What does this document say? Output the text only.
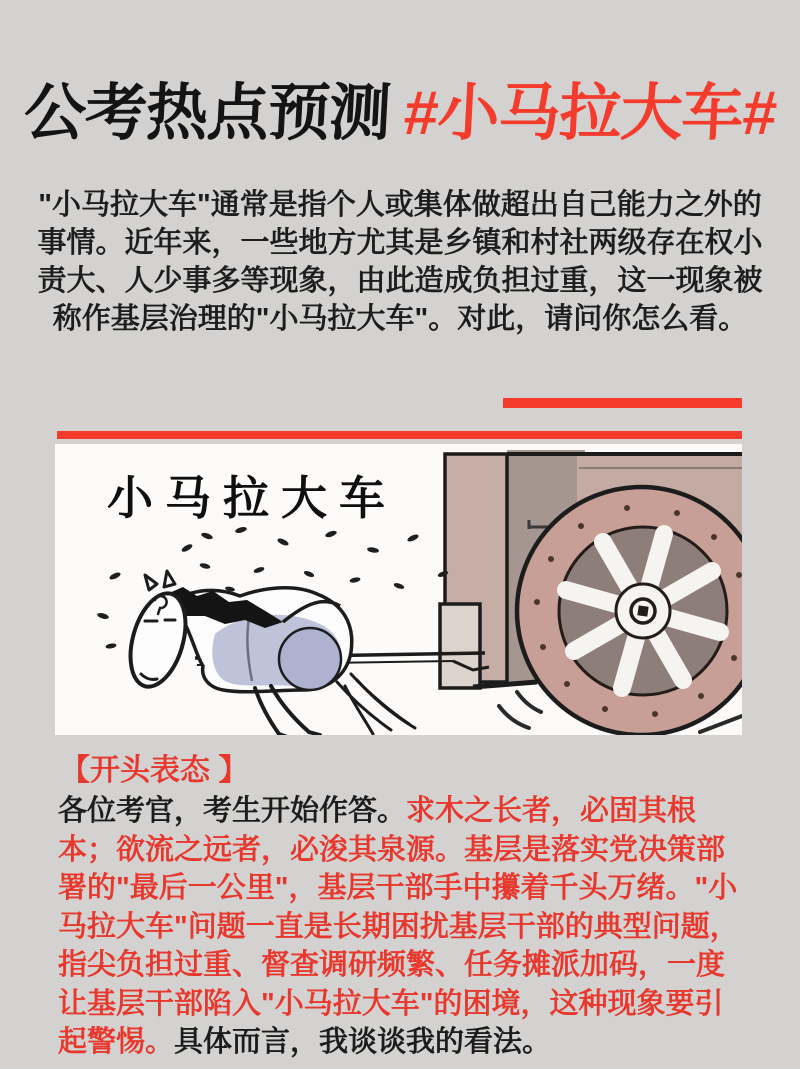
公考热点预测 #小马拉大车#
"小马拉大车"通常是指个人或集体做超出自己能力之外的事情。近年来，一些地方尤其是乡镇和村社两级存在权小责大、人少事多等现象，由此造成负担过重，这一现象被称作基层治理的"小马拉大车"。对此，请问你怎么看。
小马拉大车
【开头表态 】
各位考官，考生开始作答。求木之长者，必固其根本；欲流之远者，必浚其泉源。基层是落实党决策部署的"最后一公里"，基层干部手中攥着千头万绪。"小马拉大车"问题一直是长期困扰基层干部的典型问题，指尖负担过重、督查调研频繁、任务摊派加码，一度让基层干部陷入"小马拉大车"的困境，这种现象要引起警惕。具体而言，我谈谈我的看法。
